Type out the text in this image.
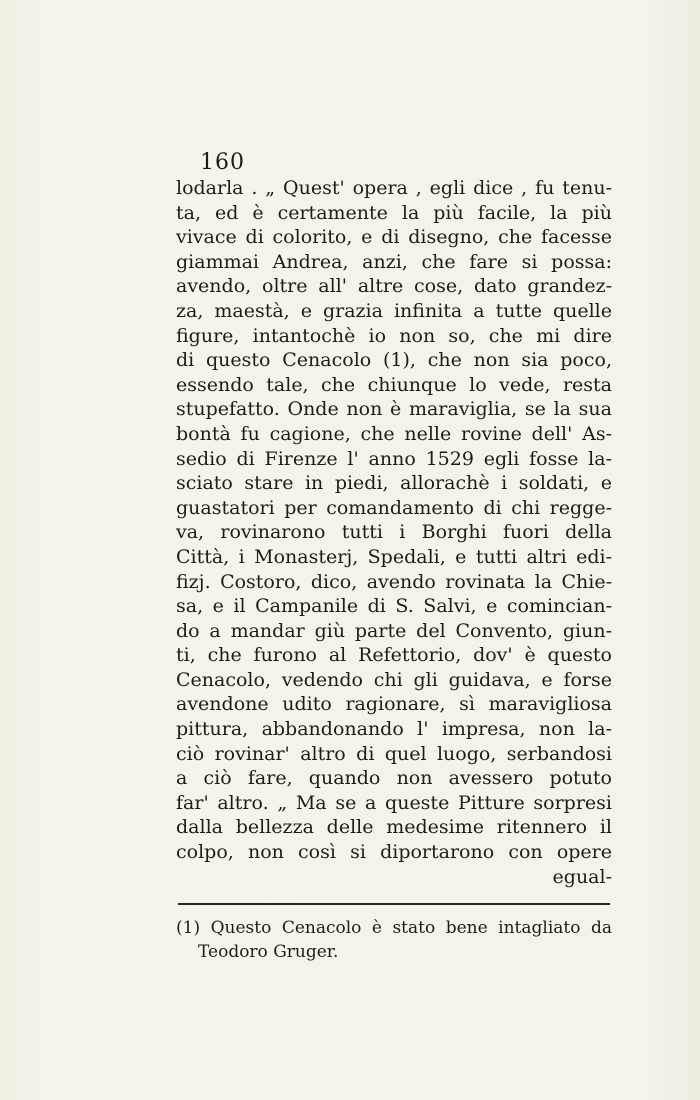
160
lodarla . „ Quest' opera , egli dice , fu tenu-
ta, ed è certamente la più facile, la più
vivace di colorito, e di disegno, che facesse
giammai Andrea, anzi, che fare si possa:
avendo, oltre all' altre cose, dato grandez-
za, maestà, e grazia infinita a tutte quelle
figure, intantochè io non so, che mi dire
di questo Cenacolo (1), che non sia poco,
essendo tale, che chiunque lo vede, resta
stupefatto. Onde non è maraviglia, se la sua
bontà fu cagione, che nelle rovine dell' As-
sedio di Firenze l' anno 1529 egli fosse la-
sciato stare in piedi, allorachè i soldati, e
guastatori per comandamento di chi regge-
va, rovinarono tutti i Borghi fuori della
Città, i Monasterj, Spedali, e tutti altri edi-
fizj. Costoro, dico, avendo rovinata la Chie-
sa, e il Campanile di S. Salvi, e comincian-
do a mandar giù parte del Convento, giun-
ti, che furono al Refettorio, dov' è questo
Cenacolo, vedendo chi gli guidava, e forse
avendone udito ragionare, sì maravigliosa
pittura, abbandonando l' impresa, non la-
ciò rovinar' altro di quel luogo, serbandosi
a ciò fare, quando non avessero potuto
far' altro. „ Ma se a queste Pitture sorpresi
dalla bellezza delle medesime ritennero il
colpo, non così si diportarono con opere
egual-
(1) Questo Cenacolo è stato bene intagliato da
Teodoro Gruger.
